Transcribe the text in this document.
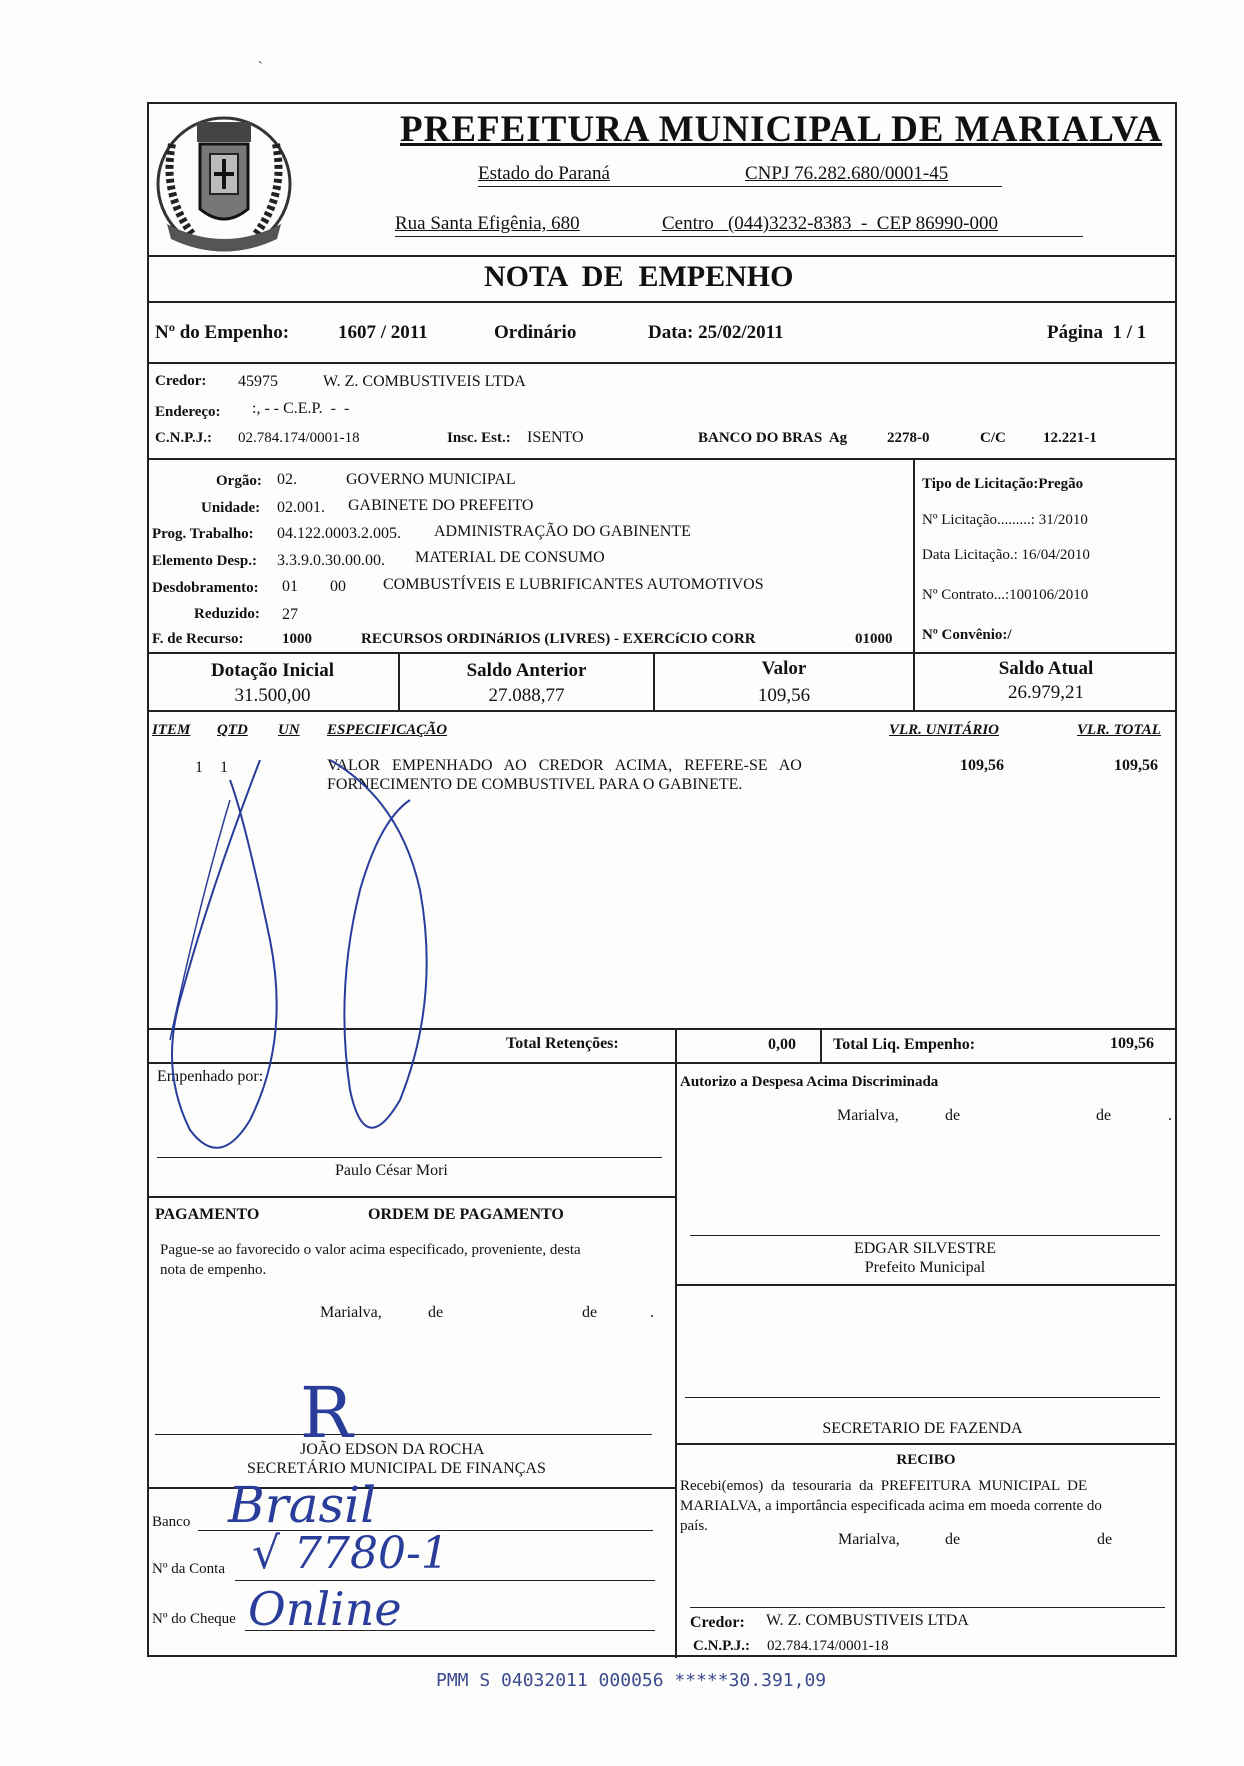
`
PREFEITURA MUNICIPAL DE MARIALVA
Estado do Paraná	CNPJ 76.282.680/0001-45
Rua Santa Efigênia, 680	Centro   (044)3232-8383  -  CEP 86990-000
NOTA  DE  EMPENHO
Nº do Empenho:	1607 / 2011	Ordinário	Data: 25/02/2011	Página  1 / 1
Credor: 45975	W. Z. COMBUSTIVEIS LTDA
Endereço: :, - - C.E.P.  -  -
C.N.P.J.: 02.784.174/0001-18	Insc. Est.: ISENTO	BANCO DO BRAS  Ag	2278-0	C/C 12.221-1
Orgão: 02.	GOVERNO MUNICIPAL
Unidade: 02.001. GABINETE DO PREFEITO
Prog. Trabalho: 04.122.0003.2.005. ADMINISTRAÇÃO DO GABINENTE
Elemento Desp.: 3.3.9.0.30.00.00. MATERIAL DE CONSUMO
Desdobramento: 01 00 COMBUSTÍVEIS E LUBRIFICANTES AUTOMOTIVOS
Reduzido: 27
F. de Recurso:	1000	RECURSOS ORDINáRIOS (LIVRES) - EXERCíCIO CORR	01000
Tipo de Licitação:Pregão
Nº Licitação.........: 31/2010
Data Licitação.: 16/04/2010
Nº Contrato...:100106/2010
Nº Convênio:/
Dotação Inicial
31.500,00
Saldo Anterior
27.088,77
Valor
109,56
Saldo Atual
26.979,21
ITEM QTD UN ESPECIFICAÇÃO	VLR. UNITÁRIO	VLR. TOTAL
1 1	VALOR   EMPENHADO   AO   CREDOR   ACIMA,   REFERE-SE   AO
FORNECIMENTO DE COMBUSTIVEL PARA O GABINETE.
109,56	109,56
Total Retenções:	0,00 Total Liq. Empenho:	109,56
Empenhado por:
Paulo César Mori
Autorizo a Despesa Acima Discriminada
Marialva,	de	de	.
PAGAMENTO	ORDEM DE PAGAMENTO
Pague-se ao favorecido o valor acima especificado, proveniente, desta
nota de empenho.
Marialva,	de	de	.
EDGAR SILVESTRE
Prefeito Municipal
JOÃO EDSON DA ROCHA
SECRETÁRIO MUNICIPAL DE FINANÇAS
SECRETARIO DE FAZENDA
RECIBO
Recebi(emos)  da  tesouraria  da  PREFEITURA  MUNICIPAL  DE
MARIALVA, a importância especificada acima em moeda corrente do
país.
Marialva,	de	de
Credor: W. Z. COMBUSTIVEIS LTDA
C.N.P.J.: 02.784.174/0001-18
Banco Brasil
Nº da Conta √ 7780-1
Nº do Cheque Online
R
PMM S 04032011 000056 *****30.391,09
